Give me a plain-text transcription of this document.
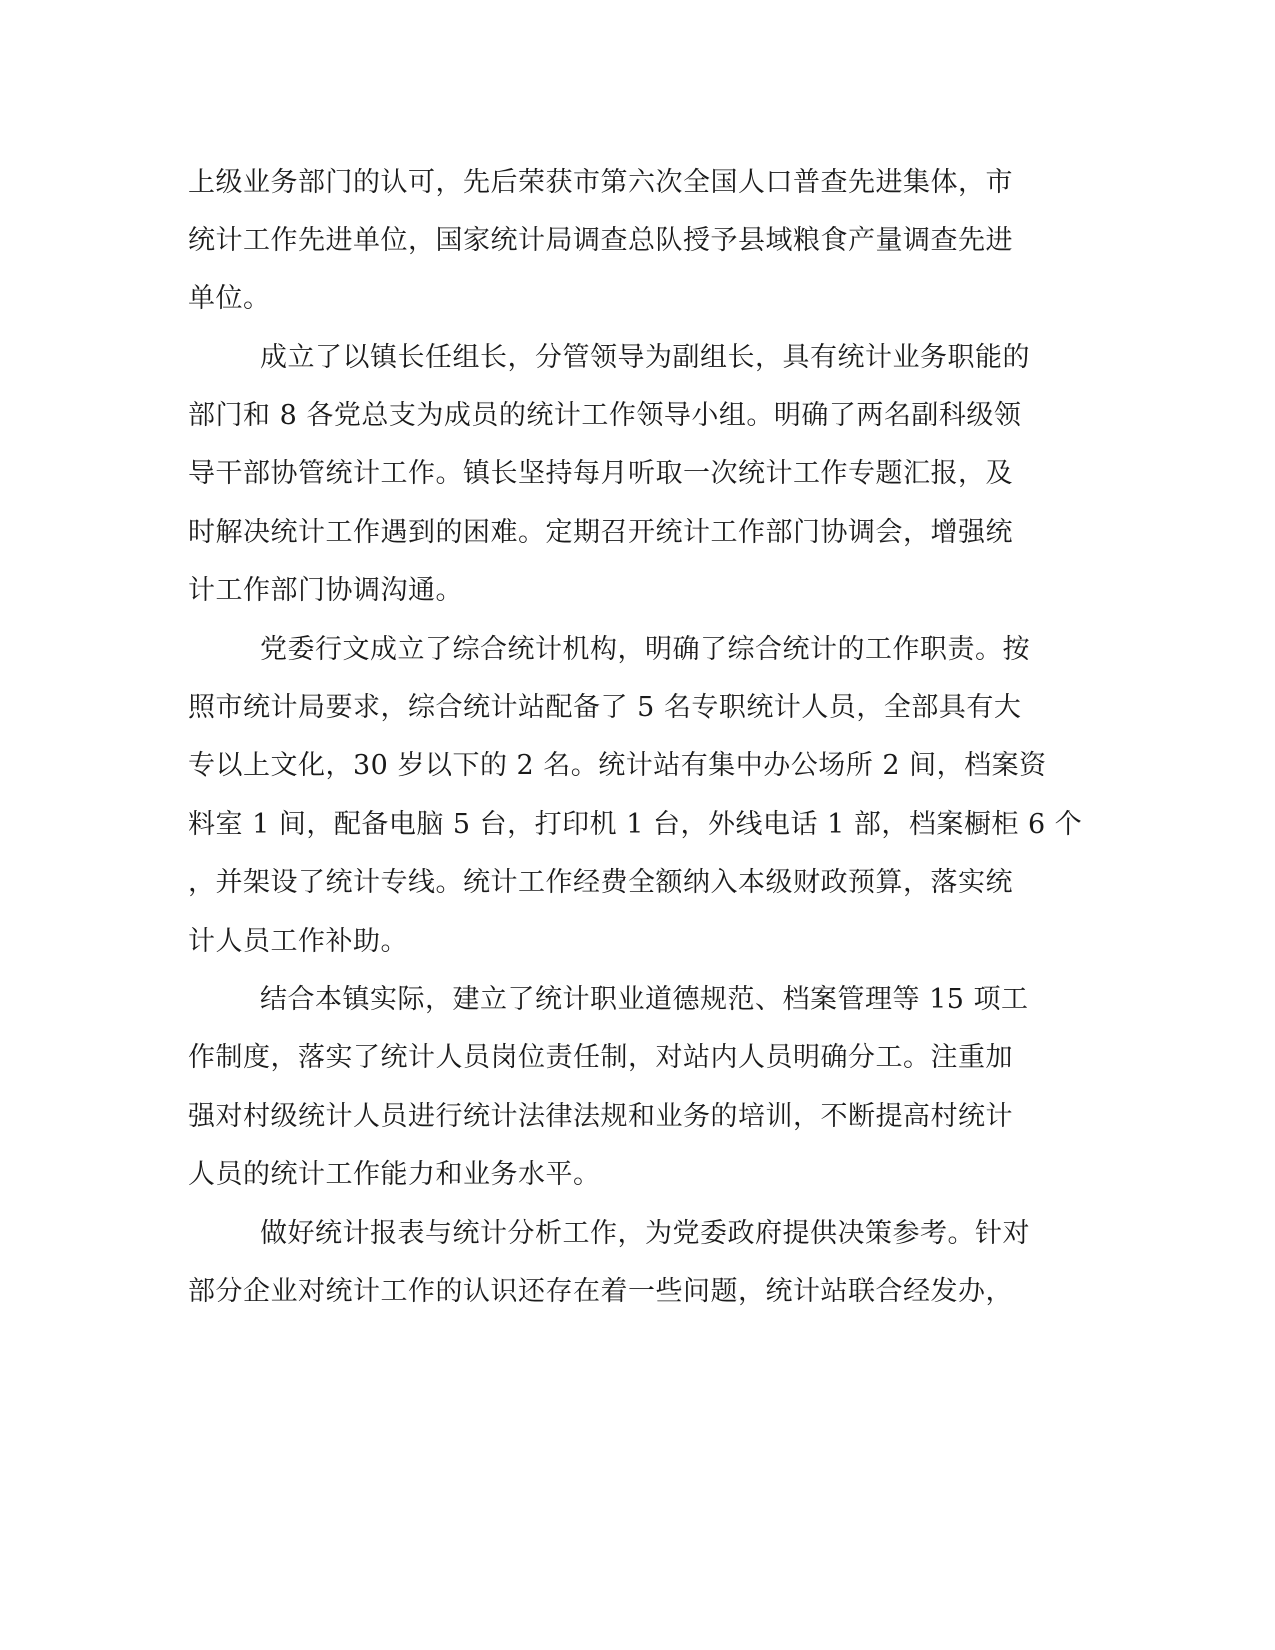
上级业务部门的认可，先后荣获市第六次全国人口普查先进集体，市
统计工作先进单位，国家统计局调查总队授予县域粮食产量调查先进
单位。
成立了以镇长任组长，分管领导为副组长，具有统计业务职能的
部门和 8 各党总支为成员的统计工作领导小组。明确了两名副科级领
导干部协管统计工作。镇长坚持每月听取一次统计工作专题汇报，及
时解决统计工作遇到的困难。定期召开统计工作部门协调会，增强统
计工作部门协调沟通。
党委行文成立了综合统计机构，明确了综合统计的工作职责。按
照市统计局要求，综合统计站配备了 5 名专职统计人员，全部具有大
专以上文化，30 岁以下的 2 名。统计站有集中办公场所 2 间，档案资
料室 1 间，配备电脑 5 台，打印机 1 台，外线电话 1 部，档案橱柜 6 个
，并架设了统计专线。统计工作经费全额纳入本级财政预算，落实统
计人员工作补助。
结合本镇实际，建立了统计职业道德规范、档案管理等 15 项工
作制度，落实了统计人员岗位责任制，对站内人员明确分工。注重加
强对村级统计人员进行统计法律法规和业务的培训，不断提高村统计
人员的统计工作能力和业务水平。
做好统计报表与统计分析工作，为党委政府提供决策参考。针对
部分企业对统计工作的认识还存在着一些问题，统计站联合经发办，
